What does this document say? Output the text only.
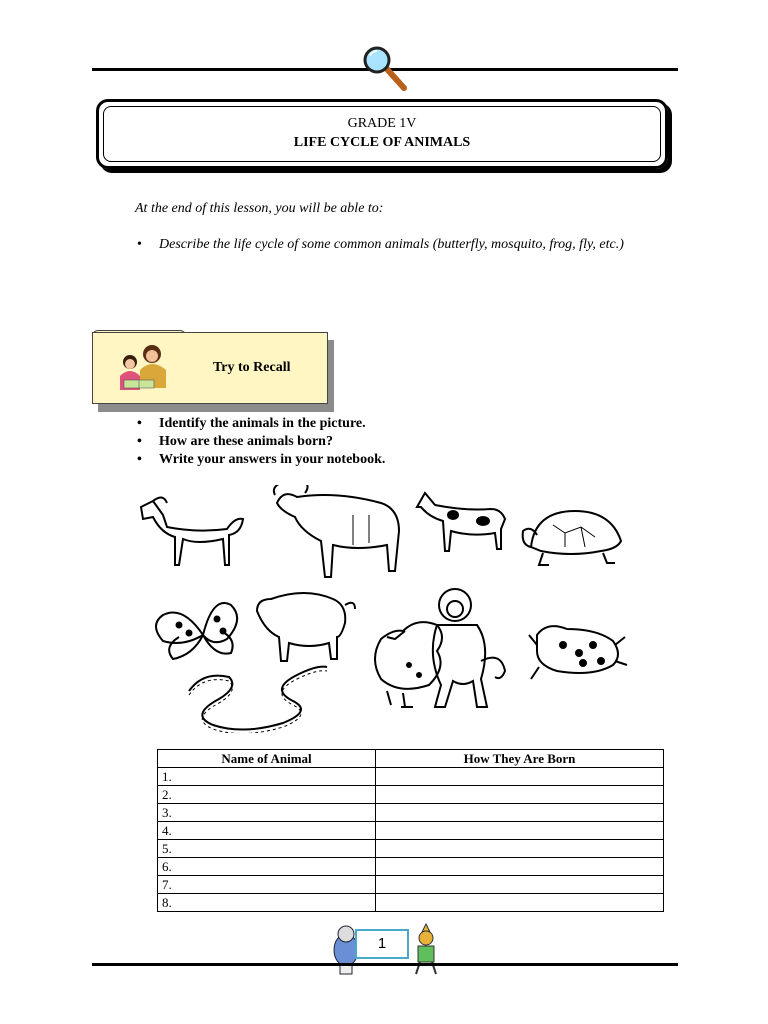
GRADE 1V
LIFE CYCLE OF ANIMALS
At the end of this lesson, you will be able to:
• Describe the life cycle of some common animals (butterfly, mosquito, frog, fly, etc.)
Try to Recall
• Identify the animals in the picture.
• How are these animals born?
• Write your answers in your notebook.
Name of Animal	How They Are Born
1.	
2.	
3.	
4.	
5.	
6.	
7.	
8.	
1
